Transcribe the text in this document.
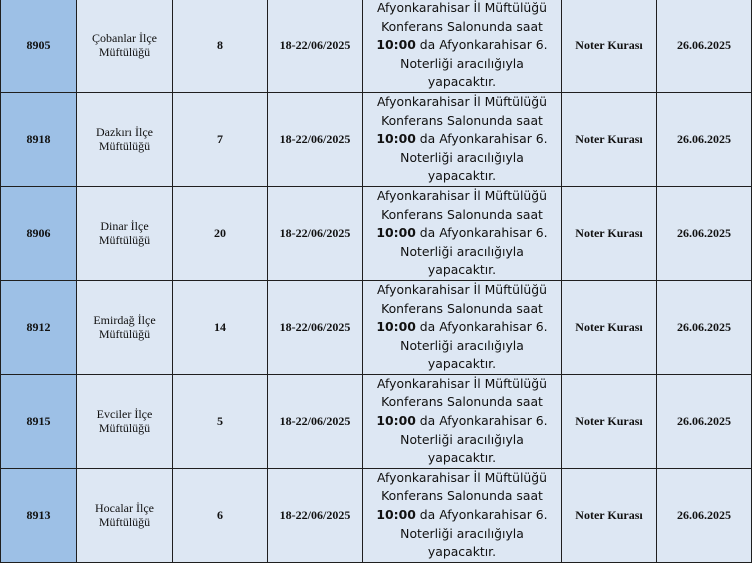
8905	Çobanlar İlçe Müftülüğü	8	18-22/06/2025	Afyonkarahisar İl Müftülüğü Konferans Salonunda saat 10:00 da Afyonkarahisar 6. Noterliği aracılığıyla yapacaktır.	Noter Kurası	26.06.2025
8918	Dazkırı İlçe Müftülüğü	7	18-22/06/2025	Afyonkarahisar İl Müftülüğü Konferans Salonunda saat 10:00 da Afyonkarahisar 6. Noterliği aracılığıyla yapacaktır.	Noter Kurası	26.06.2025
8906	Dinar İlçe Müftülüğü	20	18-22/06/2025	Afyonkarahisar İl Müftülüğü Konferans Salonunda saat 10:00 da Afyonkarahisar 6. Noterliği aracılığıyla yapacaktır.	Noter Kurası	26.06.2025
8912	Emirdağ İlçe Müftülüğü	14	18-22/06/2025	Afyonkarahisar İl Müftülüğü Konferans Salonunda saat 10:00 da Afyonkarahisar 6. Noterliği aracılığıyla yapacaktır.	Noter Kurası	26.06.2025
8915	Evciler İlçe Müftülüğü	5	18-22/06/2025	Afyonkarahisar İl Müftülüğü Konferans Salonunda saat 10:00 da Afyonkarahisar 6. Noterliği aracılığıyla yapacaktır.	Noter Kurası	26.06.2025
8913	Hocalar İlçe Müftülüğü	6	18-22/06/2025	Afyonkarahisar İl Müftülüğü Konferans Salonunda saat 10:00 da Afyonkarahisar 6. Noterliği aracılığıyla yapacaktır.	Noter Kurası	26.06.2025
